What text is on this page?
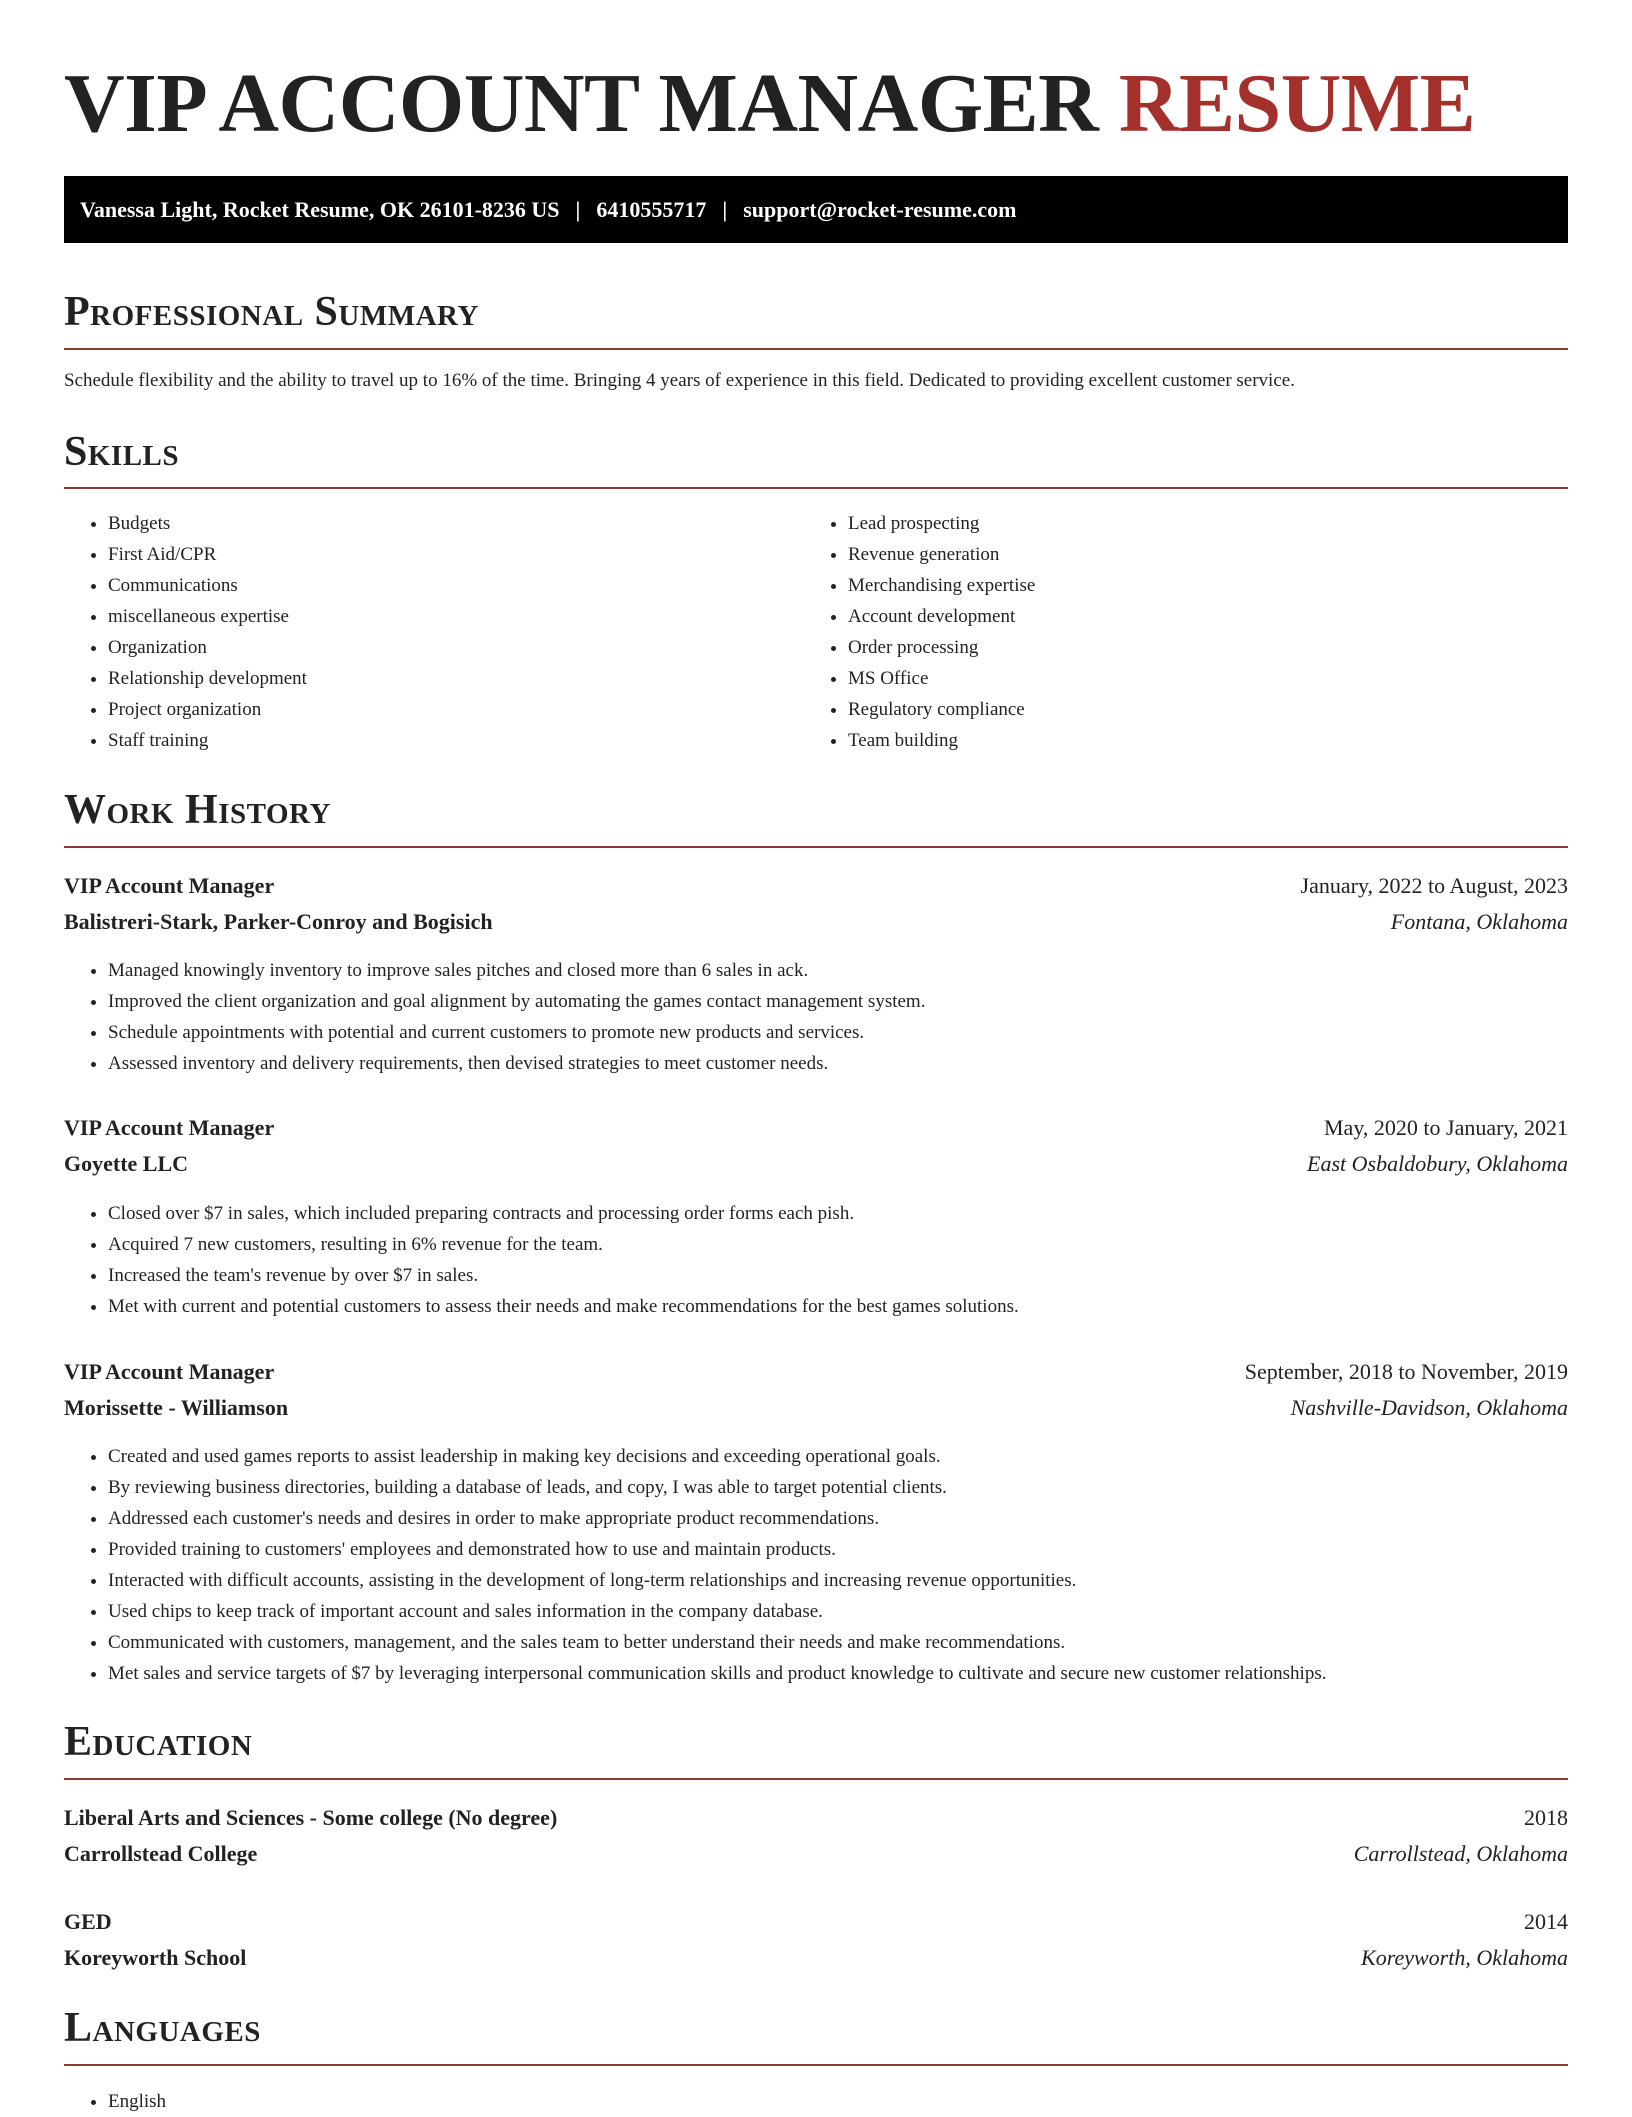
VIP ACCOUNT MANAGER RESUME
Vanessa Light, Rocket Resume, OK 26101-8236 US | 6410555717 | support@rocket-resume.com
Professional Summary

Schedule flexibility and the ability to travel up to 16% of the time. Bringing 4 years of experience in this field. Dedicated to providing excellent customer service.

Skills
• Budgets
• First Aid/CPR
• Communications
• miscellaneous expertise
• Organization
• Relationship development
• Project organization
• Staff training
• Lead prospecting
• Revenue generation
• Merchandising expertise
• Account development
• Order processing
• MS Office
• Regulatory compliance
• Team building
Work History
VIP Account Manager	January, 2022 to August, 2023
Balistreri-Stark, Parker-Conroy and Bogisich	Fontana, Oklahoma
• Managed knowingly inventory to improve sales pitches and closed more than 6 sales in ack.
• Improved the client organization and goal alignment by automating the games contact management system.
• Schedule appointments with potential and current customers to promote new products and services.
• Assessed inventory and delivery requirements, then devised strategies to meet customer needs.
VIP Account Manager	May, 2020 to January, 2021
Goyette LLC	East Osbaldobury, Oklahoma
• Closed over $7 in sales, which included preparing contracts and processing order forms each pish.
• Acquired 7 new customers, resulting in 6% revenue for the team.
• Increased the team's revenue by over $7 in sales.
• Met with current and potential customers to assess their needs and make recommendations for the best games solutions.
VIP Account Manager	September, 2018 to November, 2019
Morissette - Williamson	Nashville-Davidson, Oklahoma
• Created and used games reports to assist leadership in making key decisions and exceeding operational goals.
• By reviewing business directories, building a database of leads, and copy, I was able to target potential clients.
• Addressed each customer's needs and desires in order to make appropriate product recommendations.
• Provided training to customers' employees and demonstrated how to use and maintain products.
• Interacted with difficult accounts, assisting in the development of long-term relationships and increasing revenue opportunities.
• Used chips to keep track of important account and sales information in the company database.
• Communicated with customers, management, and the sales team to better understand their needs and make recommendations.
• Met sales and service targets of $7 by leveraging interpersonal communication skills and product knowledge to cultivate and secure new customer relationships.
Education
Liberal Arts and Sciences - Some college (No degree)	2018
Carrollstead College	Carrollstead, Oklahoma
GED	2014
Koreyworth School	Koreyworth, Oklahoma
Languages
• English
